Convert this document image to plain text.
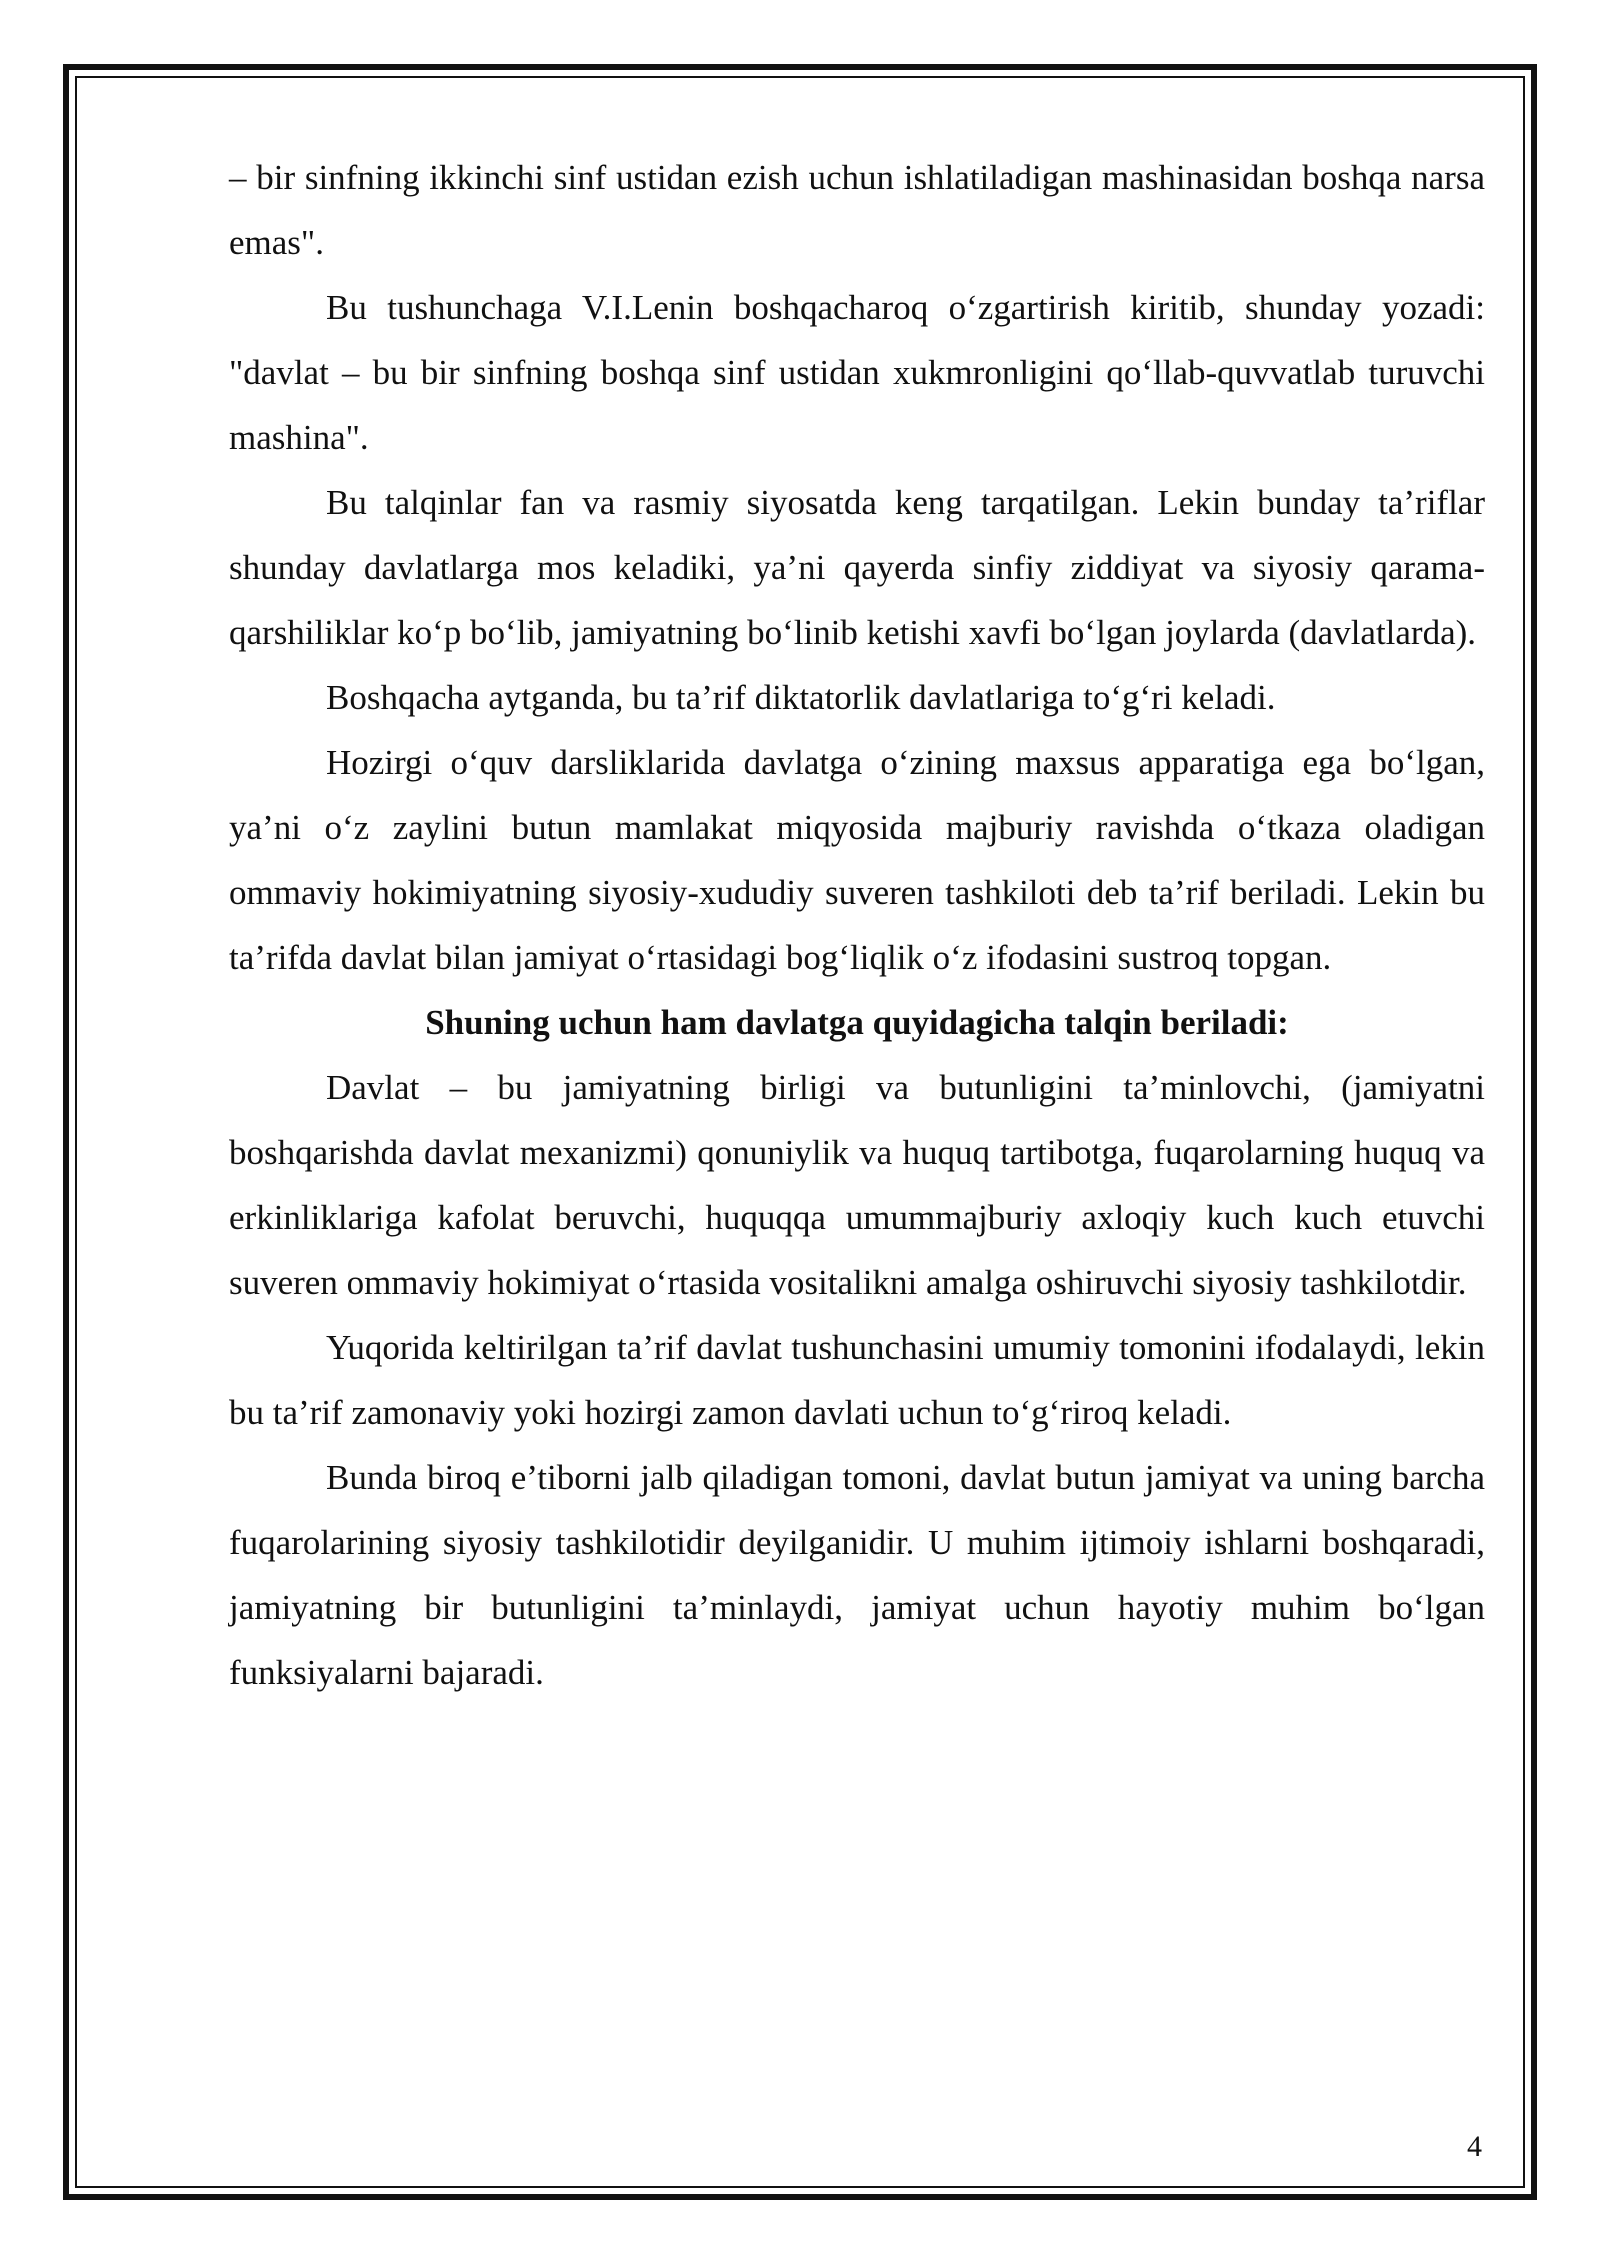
– bir sinfning ikkinchi sinf ustidan ezish uchun ishlatiladigan mashinasidan boshqa narsa emas".

Bu tushunchaga V.I.Lenin boshqacharoq o‘zgartirish kiritib, shunday yozadi: "davlat – bu bir sinfning boshqa sinf ustidan xukmronligini qo‘llab-quvvatlab turuvchi mashina".

Bu talqinlar fan va rasmiy siyosatda keng tarqatilgan. Lekin bunday ta’riflar shunday davlatlarga mos keladiki, ya’ni qayerda sinfiy ziddiyat va siyosiy qarama-qarshiliklar ko‘p bo‘lib, jamiyatning bo‘linib ketishi xavfi bo‘lgan joylarda (davlatlarda).

Boshqacha aytganda, bu ta’rif diktatorlik davlatlariga to‘g‘ri keladi.

Hozirgi o‘quv darsliklarida davlatga o‘zining maxsus apparatiga ega bo‘lgan, ya’ni o‘z zaylini butun mamlakat miqyosida majburiy ravishda o‘tkaza oladigan ommaviy hokimiyatning siyosiy-xududiy suveren tashkiloti deb ta’rif beriladi. Lekin bu ta’rifda davlat bilan jamiyat o‘rtasidagi bog‘liqlik o‘z ifodasini sustroq topgan.

Shuning uchun ham davlatga quyidagicha talqin beriladi:

Davlat – bu jamiyatning birligi va butunligini ta’minlovchi, (jamiyatni boshqarishda davlat mexanizmi) qonuniylik va huquq tartibotga, fuqarolarning huquq va erkinliklariga kafolat beruvchi, huquqqa umummajburiy axloqiy kuch kuch etuvchi suveren ommaviy hokimiyat o‘rtasida vositalikni amalga oshiruvchi siyosiy tashkilotdir.

Yuqorida keltirilgan ta’rif davlat tushunchasini umumiy tomonini ifodalaydi, lekin bu ta’rif zamonaviy yoki hozirgi zamon davlati uchun to‘g‘riroq keladi.

Bunda biroq e’tiborni jalb qiladigan tomoni, davlat butun jamiyat va uning barcha fuqarolarining siyosiy tashkilotidir deyilganidir. U muhim ijtimoiy ishlarni boshqaradi, jamiyatning bir butunligini ta’minlaydi, jamiyat uchun hayotiy muhim bo‘lgan funksiyalarni bajaradi.

4
